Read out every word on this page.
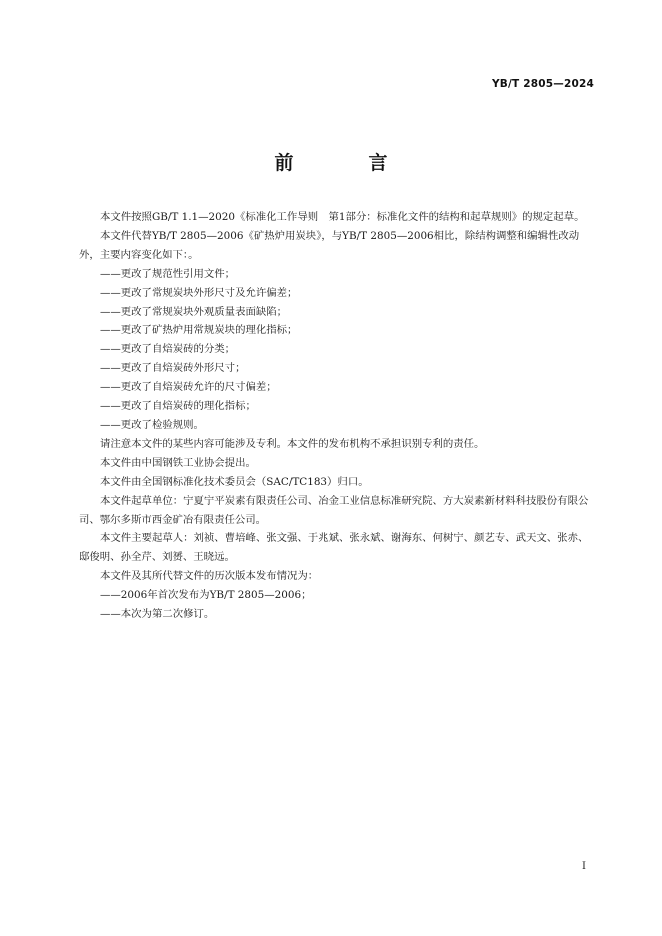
YB/T 2805—2024
前　言

本文件按照GB/T 1.1—2020《标准化工作导则　第1部分：标准化文件的结构和起草规则》的规定起草。

本文件代替YB/T 2805—2006《矿热炉用炭块》，与YB/T 2805—2006相比，除结构调整和编辑性改动外，主要内容变化如下：。

——更改了规范性引用文件；

——更改了常规炭块外形尺寸及允许偏差；

——更改了常规炭块外观质量表面缺陷；

——更改了矿热炉用常规炭块的理化指标；

——更改了自焙炭砖的分类；

——更改了自焙炭砖外形尺寸；

——更改了自焙炭砖允许的尺寸偏差；

——更改了自焙炭砖的理化指标；

——更改了检验规则。

请注意本文件的某些内容可能涉及专利。本文件的发布机构不承担识别专利的责任。

本文件由中国钢铁工业协会提出。

本文件由全国钢标准化技术委员会（SAC/TC183）归口。

本文件起草单位：宁夏宁平炭素有限责任公司、冶金工业信息标准研究院、方大炭素新材料科技股份有限公司、鄂尔多斯市西金矿冶有限责任公司。

本文件主要起草人：刘祯、曹培峰、张文强、于兆斌、张永斌、谢海东、何树宁、颜艺专、武天文、张赤、邸俊明、孙全芹、刘赟、王晓远。

本文件及其所代替文件的历次版本发布情况为：

——2006年首次发布为YB/T 2805—2006；

——本次为第二次修订。

I
